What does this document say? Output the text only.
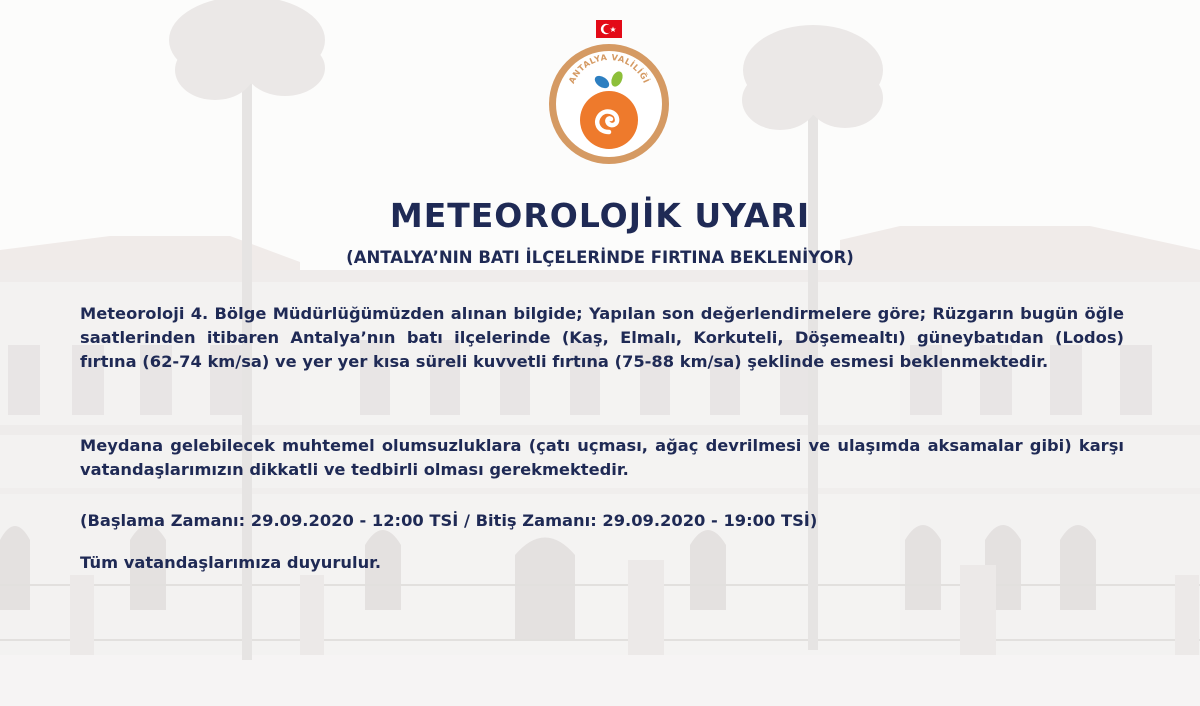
ANTALYA VALİLİĞİ
METEOROLOJİK UYARI
(ANTALYA’NIN BATI İLÇELERİNDE FIRTINA BEKLENİYOR)
Meteoroloji 4. Bölge Müdürlüğümüzden alınan bilgide; Yapılan son değerlendirmelere göre; Rüzgarın bugün öğle saatlerinden itibaren Antalya’nın batı ilçelerinde (Kaş, Elmalı, Korkuteli, Döşemealtı) güneybatıdan (Lodos) fırtına (62-74 km/sa) ve yer yer kısa süreli kuvvetli fırtına (75-88 km/sa) şeklinde esmesi beklenmektedir.
Meydana gelebilecek muhtemel olumsuzluklara (çatı uçması, ağaç devrilmesi ve ulaşımda aksamalar gibi) karşı vatandaşlarımızın dikkatli ve tedbirli olması gerekmektedir.
(Başlama Zamanı: 29.09.2020 - 12:00 TSİ / Bitiş Zamanı: 29.09.2020 - 19:00 TSİ)
Tüm vatandaşlarımıza duyurulur.
